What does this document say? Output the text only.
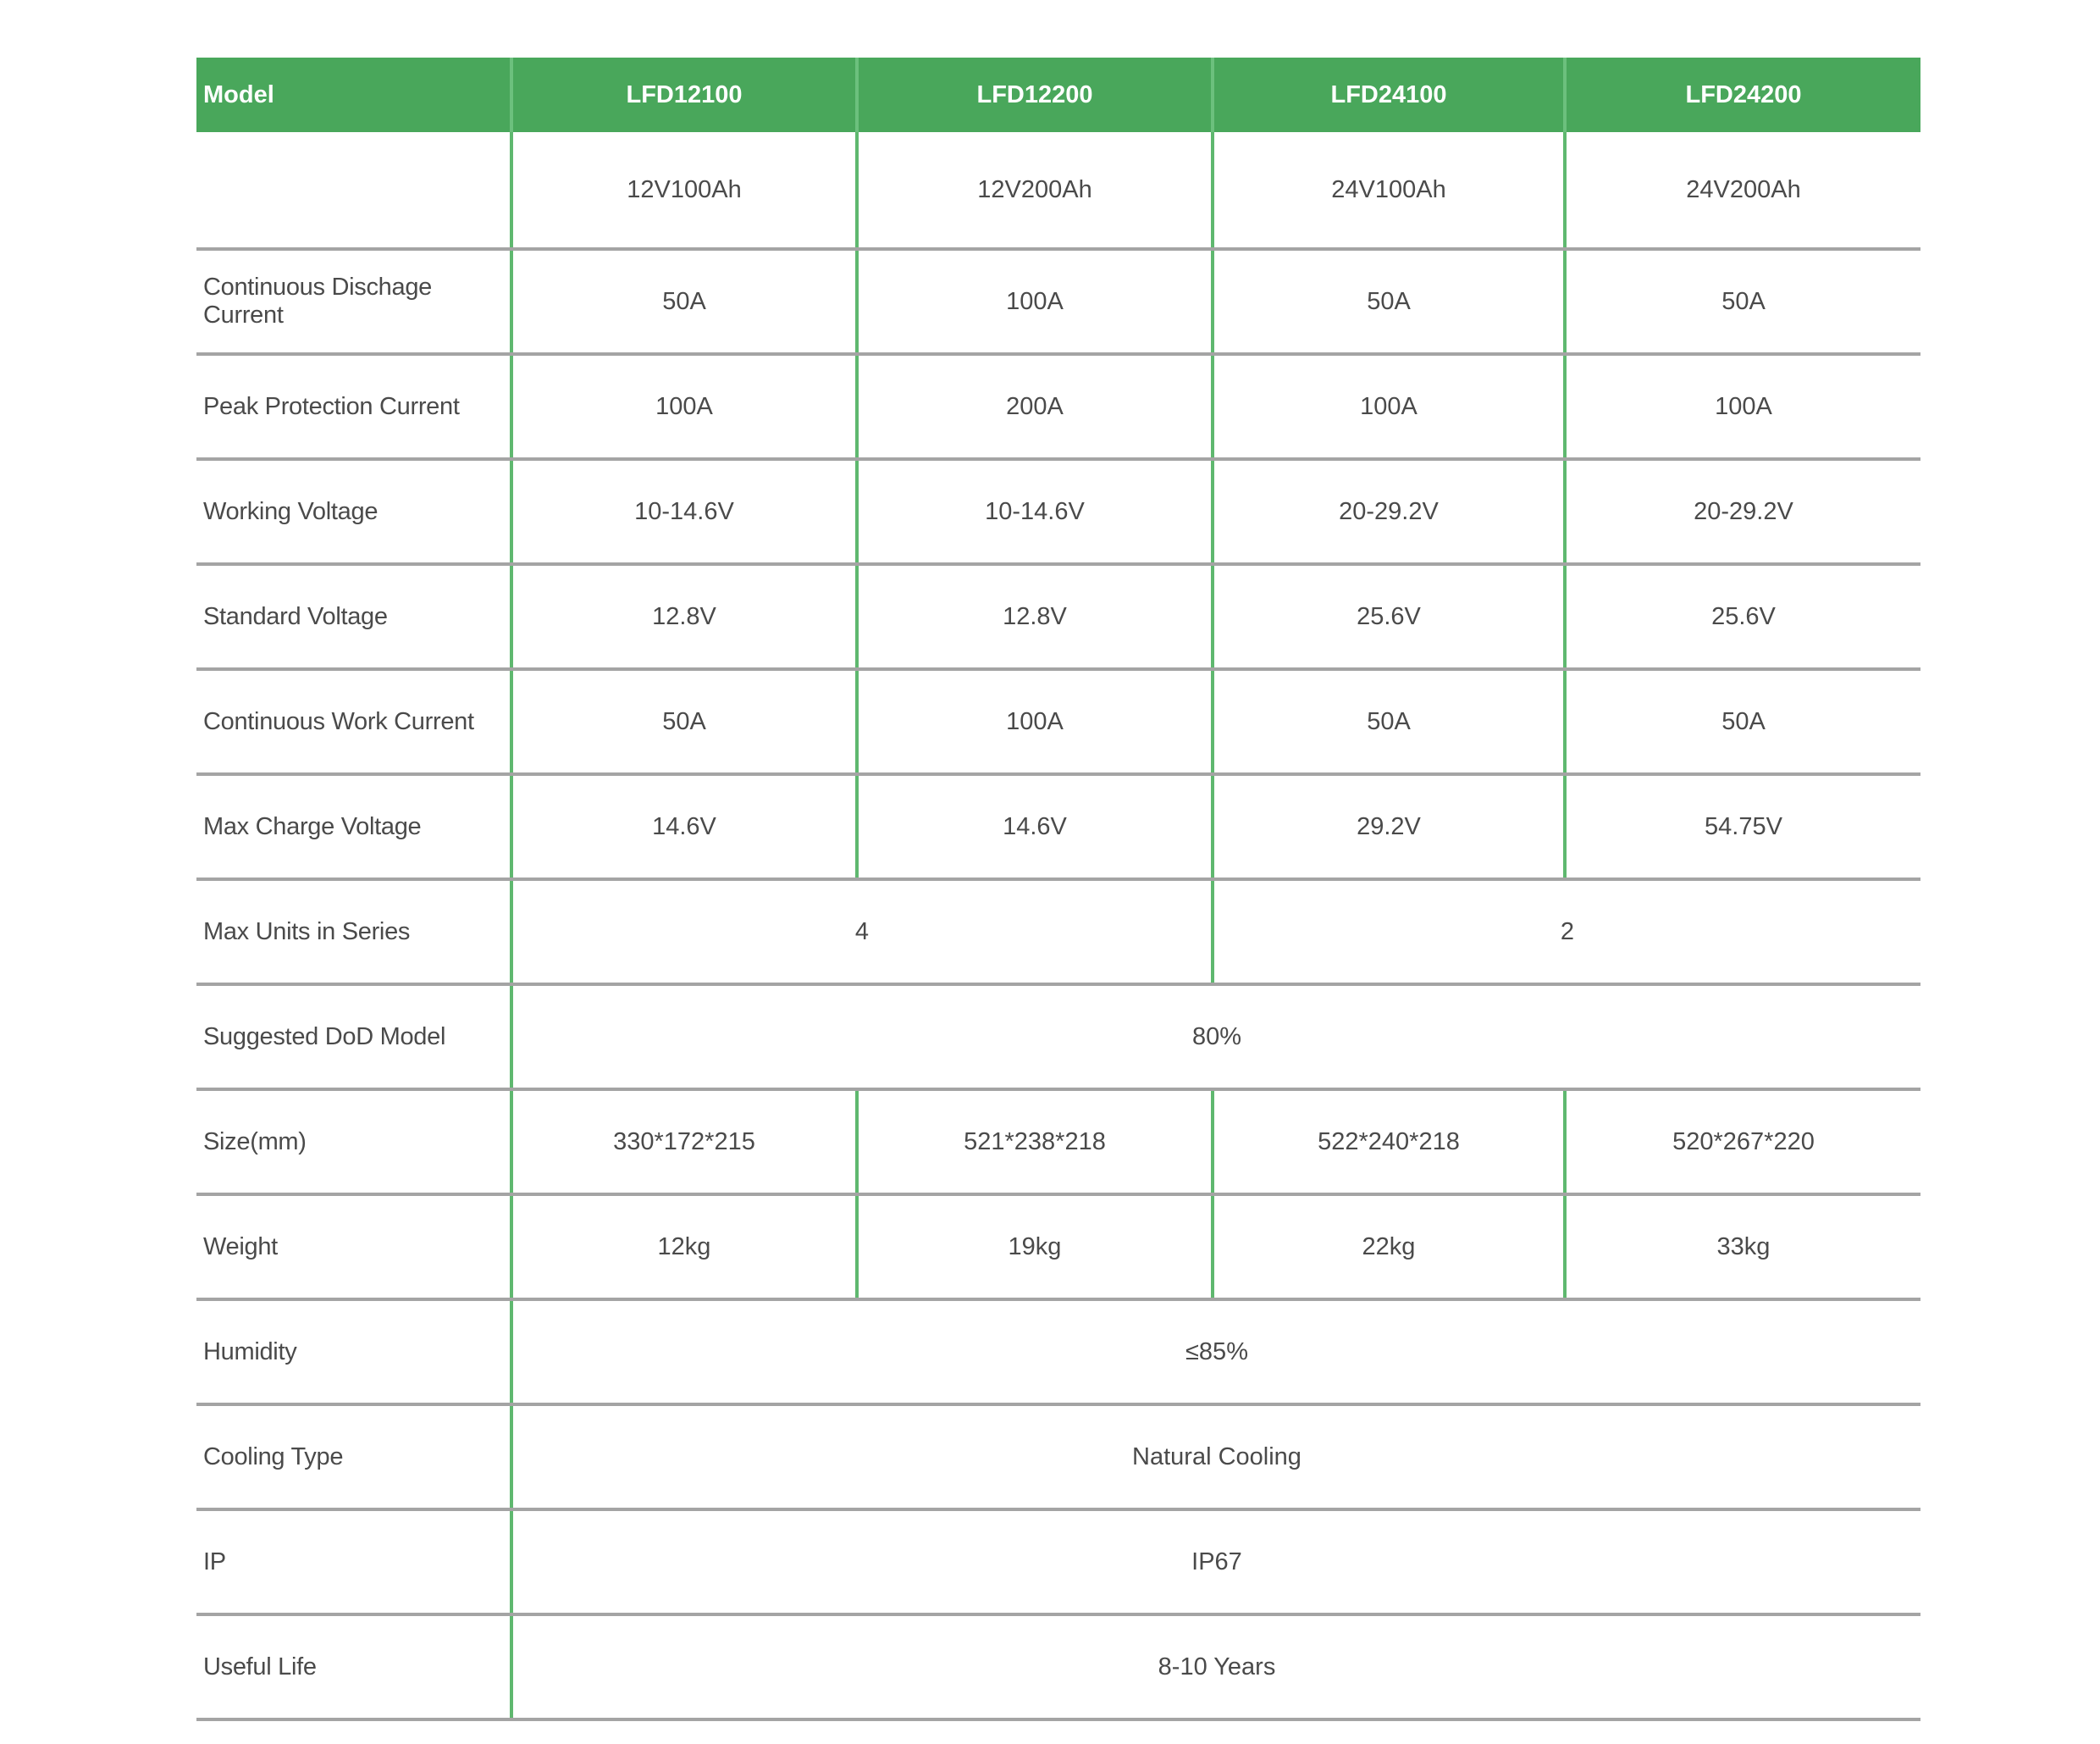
Model	LFD12100	LFD12200	LFD24100	LFD24200
	12V100Ah	12V200Ah	24V100Ah	24V200Ah
Continuous Dischage Current	50A	100A	50A	50A
Peak Protection Current	100A	200A	100A	100A
Working Voltage	10-14.6V	10-14.6V	20-29.2V	20-29.2V
Standard Voltage	12.8V	12.8V	25.6V	25.6V
Continuous Work Current	50A	100A	50A	50A
Max Charge Voltage	14.6V	14.6V	29.2V	54.75V
Max Units in Series	4		2	
Suggested DoD Model	80%			
Size(mm)	330*172*215	521*238*218	522*240*218	520*267*220
Weight	12kg	19kg	22kg	33kg
Humidity	≤85%			
Cooling Type	Natural Cooling			
IP	IP67			
Useful Life	8-10 Years			
